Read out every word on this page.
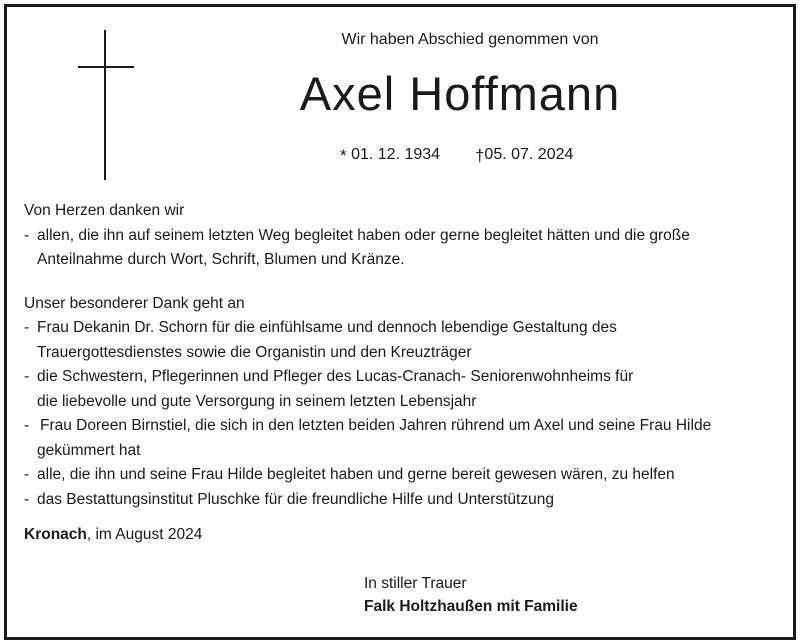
Wir haben Abschied genommen von
Axel Hoffmann
* 01. 12. 1934 †05. 07. 2024
Von Herzen danken wir
- allen, die ihn auf seinem letzten Weg begleitet haben oder gerne begleitet hätten und die große
Anteilnahme durch Wort, Schrift, Blumen und Kränze.
Unser besonderer Dank geht an
- Frau Dekanin Dr. Schorn für die einfühlsame und dennoch lebendige Gestaltung des
Trauergottesdienstes sowie die Organistin und den Kreuzträger
- die Schwestern, Pflegerinnen und Pfleger des Lucas-Cranach- Seniorenwohnheims für
die liebevolle und gute Versorgung in seinem letzten Lebensjahr
- Frau Doreen Birnstiel, die sich in den letzten beiden Jahren rührend um Axel und seine Frau Hilde
gekümmert hat
- alle, die ihn und seine Frau Hilde begleitet haben und gerne bereit gewesen wären, zu helfen
- das Bestattungsinstitut Pluschke für die freundliche Hilfe und Unterstützung
Kronach, im August 2024
In stiller Trauer
Falk Holtzhaußen mit Familie
